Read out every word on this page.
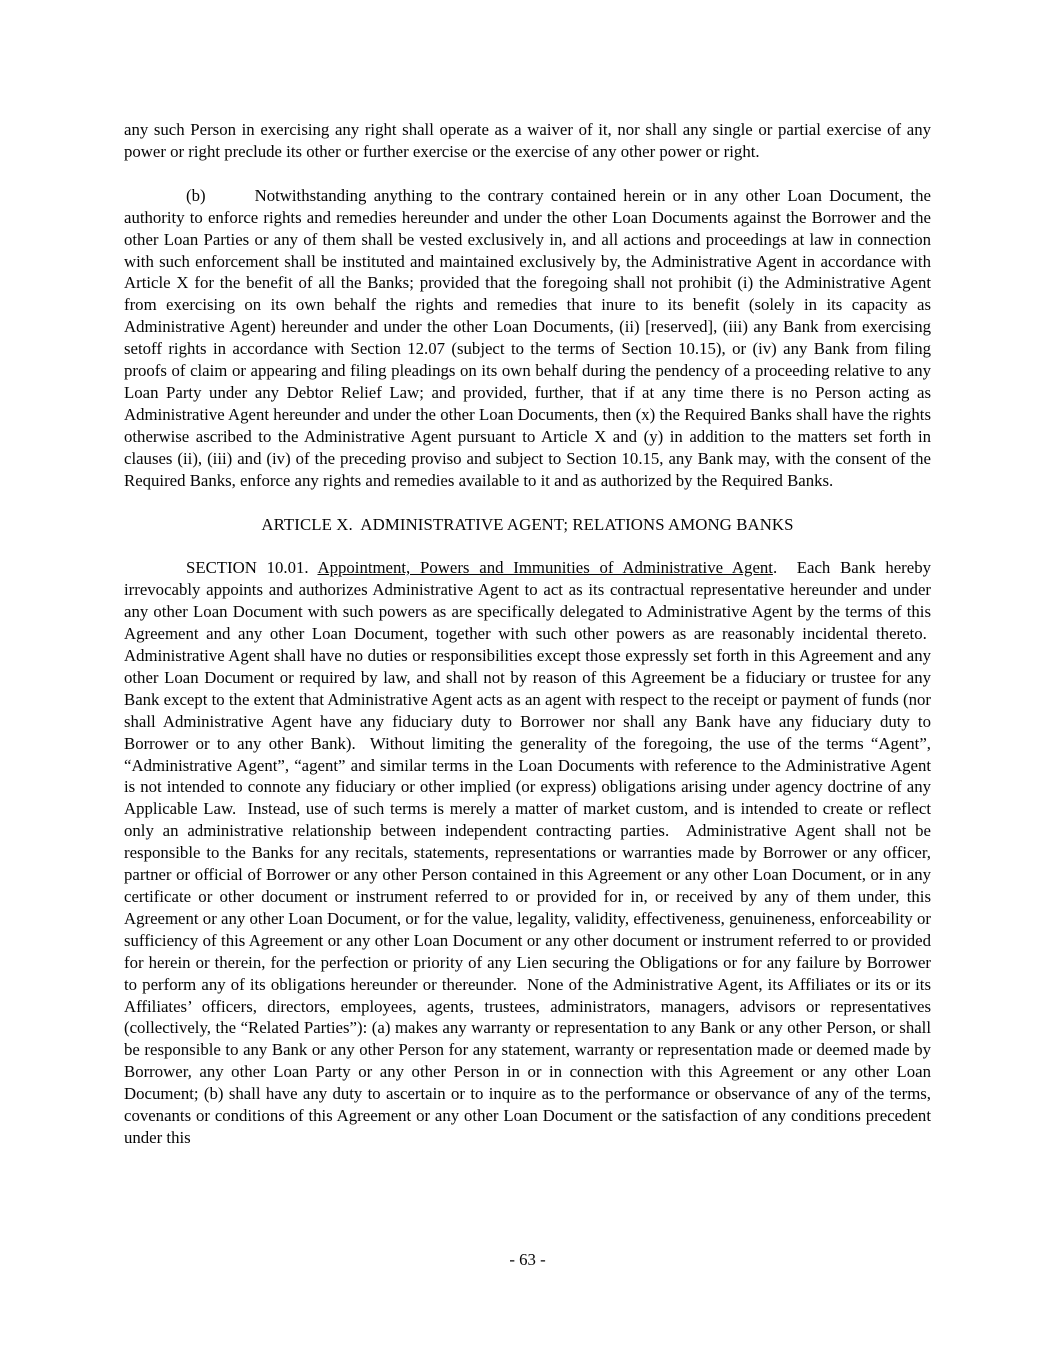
any such Person in exercising any right shall operate as a waiver of it, nor shall any single or partial exercise of any power or right preclude its other or further exercise or the exercise of any other power or right.

(b)	Notwithstanding anything to the contrary contained herein or in any other Loan Document, the authority to enforce rights and remedies hereunder and under the other Loan Documents against the Borrower and the other Loan Parties or any of them shall be vested exclusively in, and all actions and proceedings at law in connection with such enforcement shall be instituted and maintained exclusively by, the Administrative Agent in accordance with Article X for the benefit of all the Banks; provided that the foregoing shall not prohibit (i) the Administrative Agent from exercising on its own behalf the rights and remedies that inure to its benefit (solely in its capacity as Administrative Agent) hereunder and under the other Loan Documents, (ii) [reserved], (iii) any Bank from exercising setoff rights in accordance with Section 12.07 (subject to the terms of Section 10.15), or (iv) any Bank from filing proofs of claim or appearing and filing pleadings on its own behalf during the pendency of a proceeding relative to any Loan Party under any Debtor Relief Law; and provided, further, that if at any time there is no Person acting as Administrative Agent hereunder and under the other Loan Documents, then (x) the Required Banks shall have the rights otherwise ascribed to the Administrative Agent pursuant to Article X and (y) in addition to the matters set forth in clauses (ii), (iii) and (iv) of the preceding proviso and subject to Section 10.15, any Bank may, with the consent of the Required Banks, enforce any rights and remedies available to it and as authorized by the Required Banks.

ARTICLE X.  ADMINISTRATIVE AGENT; RELATIONS AMONG BANKS

SECTION 10.01. Appointment, Powers and Immunities of Administrative Agent.  Each Bank hereby irrevocably appoints and authorizes Administrative Agent to act as its contractual representative hereunder and under any other Loan Document with such powers as are specifically delegated to Administrative Agent by the terms of this Agreement and any other Loan Document, together with such other powers as are reasonably incidental thereto.  Administrative Agent shall have no duties or responsibilities except those expressly set forth in this Agreement and any other Loan Document or required by law, and shall not by reason of this Agreement be a fiduciary or trustee for any Bank except to the extent that Administrative Agent acts as an agent with respect to the receipt or payment of funds (nor shall Administrative Agent have any fiduciary duty to Borrower nor shall any Bank have any fiduciary duty to Borrower or to any other Bank).  Without limiting the generality of the foregoing, the use of the terms “Agent”, “Administrative Agent”, “agent” and similar terms in the Loan Documents with reference to the Administrative Agent is not intended to connote any fiduciary or other implied (or express) obligations arising under agency doctrine of any Applicable Law.  Instead, use of such terms is merely a matter of market custom, and is intended to create or reflect only an administrative relationship between independent contracting parties.  Administrative Agent shall not be responsible to the Banks for any recitals, statements, representations or warranties made by Borrower or any officer, partner or official of Borrower or any other Person contained in this Agreement or any other Loan Document, or in any certificate or other document or instrument referred to or provided for in, or received by any of them under, this Agreement or any other Loan Document, or for the value, legality, validity, effectiveness, genuineness, enforceability or sufficiency of this Agreement or any other Loan Document or any other document or instrument referred to or provided for herein or therein, for the perfection or priority of any Lien securing the Obligations or for any failure by Borrower to perform any of its obligations hereunder or thereunder.  None of the Administrative Agent, its Affiliates or its or its Affiliates’ officers, directors, employees, agents, trustees, administrators, managers, advisors or representatives (collectively, the “Related Parties”): (a) makes any warranty or representation to any Bank or any other Person, or shall be responsible to any Bank or any other Person for any statement, warranty or representation made or deemed made by Borrower, any other Loan Party or any other Person in or in connection with this Agreement or any other Loan Document; (b) shall have any duty to ascertain or to inquire as to the performance or observance of any of the terms, covenants or conditions of this Agreement or any other Loan Document or the satisfaction of any conditions precedent under this

- 63 -
